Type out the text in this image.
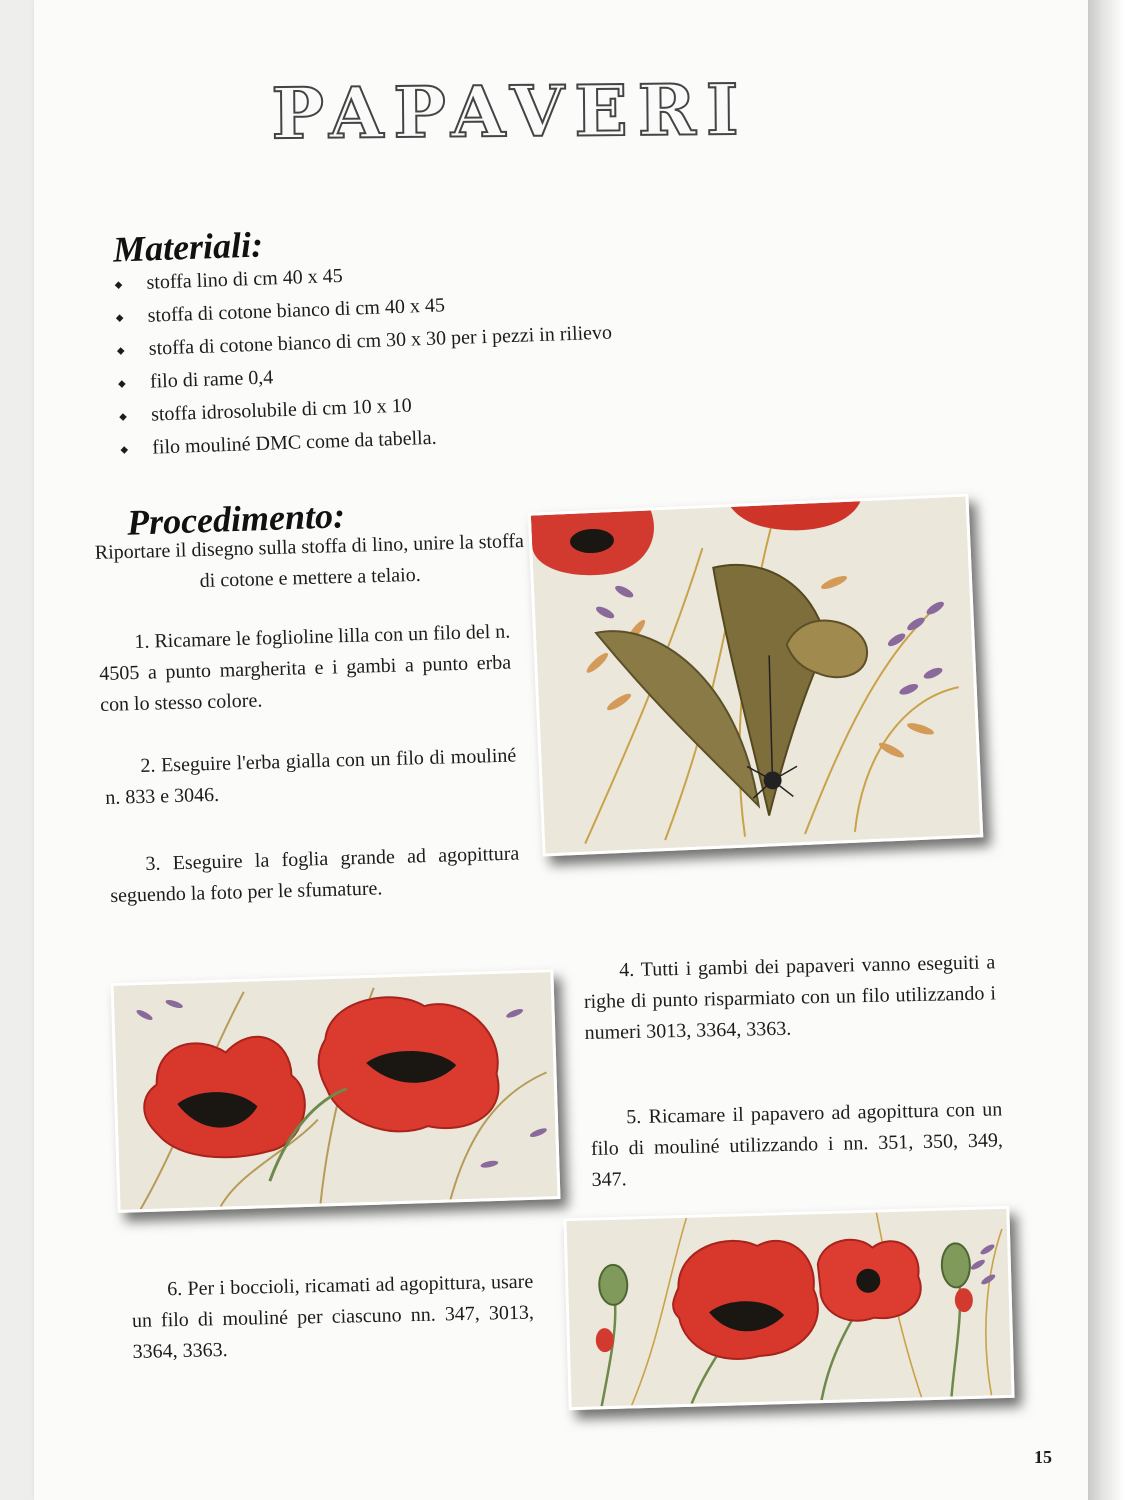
PAPAVERI
Materiali:
◆ stoffa lino di cm 40 x 45
◆ stoffa di cotone bianco di cm 40 x 45
◆ stoffa di cotone bianco di cm 30 x 30 per i pezzi in rilievo
◆ filo di rame 0,4
◆ stoffa idrosolubile di cm 10 x 10
◆ filo mouliné DMC come da tabella.
Procedimento:

Riportare il disegno sulla stoffa di lino, unire la stoffa di cotone e mettere a telaio.

1. Ricamare le foglioline lilla con un filo del n. 4505 a punto margherita e i gambi a punto erba con lo stesso colore.

2. Eseguire l'erba gialla con un filo di mouliné n. 833 e 3046.

3. Eseguire la foglia grande ad agopittura seguendo la foto per le sfumature.

4. Tutti i gambi dei papaveri vanno eseguiti a righe di punto risparmiato con un filo utilizzando i numeri 3013, 3364, 3363.

5. Ricamare il papavero ad agopittura con un filo di mouliné utilizzando i nn. 351, 350, 349, 347.

6. Per i boccioli, ricamati ad agopittura, usare un filo di mouliné per ciascuno nn. 347, 3013, 3364, 3363.

15
